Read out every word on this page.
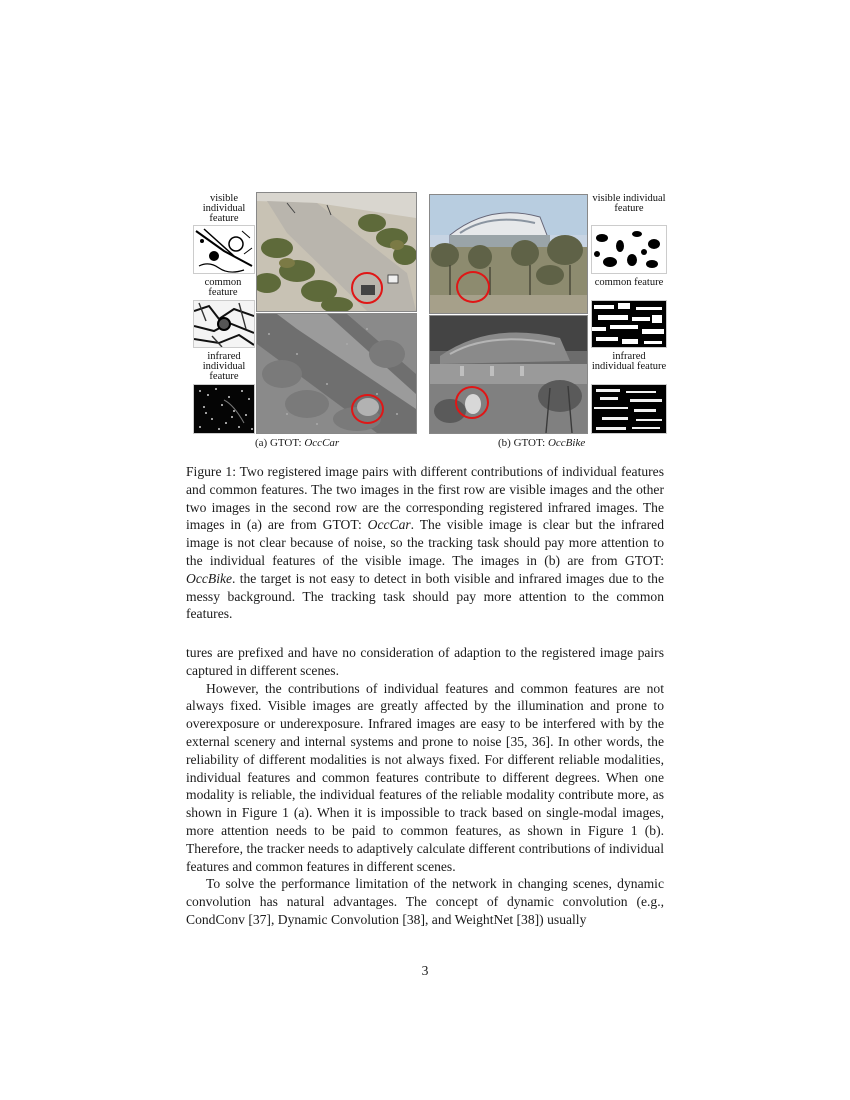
visible individual feature
common feature
infrared individual feature
visible individual feature
common feature
infrared individual feature
(a) GTOT: OccCar	(b) GTOT: OccBike
Figure 1: Two registered image pairs with different contributions of individual features and common features. The two images in the first row are visible images and the other two images in the second row are the corresponding registered infrared images. The images in (a) are from GTOT: OccCar. The visible image is clear but the infrared image is not clear because of noise, so the tracking task should pay more attention to the individual features of the visible image. The images in (b) are from GTOT: OccBike. the target is not easy to detect in both visible and infrared images due to the messy background. The tracking task should pay more attention to the common features.

tures are prefixed and have no consideration of adaption to the registered image pairs captured in different scenes.

However, the contributions of individual features and common features are not always fixed. Visible images are greatly affected by the illumination and prone to overexposure or underexposure. Infrared images are easy to be interfered with by the external scenery and internal systems and prone to noise [35, 36]. In other words, the reliability of different modalities is not always fixed. For different reliable modalities, individual features and common features contribute to different degrees. When one modality is reliable, the individual features of the reliable modality contribute more, as shown in Figure 1 (a). When it is impossible to track based on single-modal images, more attention needs to be paid to common features, as shown in Figure 1 (b). Therefore, the tracker needs to adaptively calculate different contributions of individual features and common features in different scenes.

To solve the performance limitation of the network in changing scenes, dynamic convolution has natural advantages. The concept of dynamic convolution (e.g., CondConv [37], Dynamic Convolution [38], and WeightNet [38]) usually

3
